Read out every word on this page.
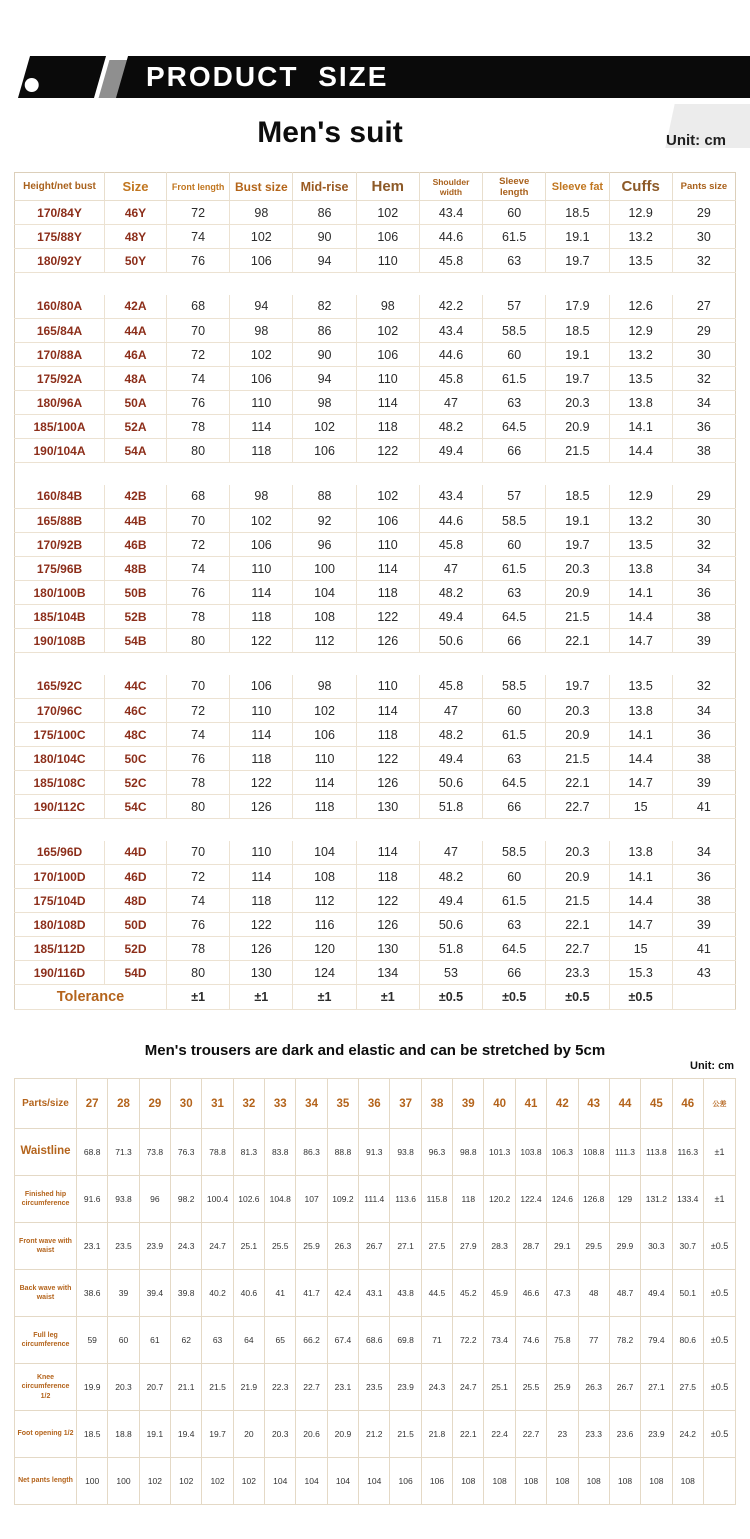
PRODUCT SIZE
Men's suit	Unit: cm
Height/net bust	Size	Front length	Bust size	Mid-rise	Hem	Shoulder width	Sleeve length	Sleeve fat	Cuffs	Pants size
170/84Y	46Y	72	98	86	102	43.4	60	18.5	12.9	29
175/88Y	48Y	74	102	90	106	44.6	61.5	19.1	13.2	30
180/92Y	50Y	76	106	94	110	45.8	63	19.7	13.5	32

160/80A	42A	68	94	82	98	42.2	57	17.9	12.6	27
165/84A	44A	70	98	86	102	43.4	58.5	18.5	12.9	29
170/88A	46A	72	102	90	106	44.6	60	19.1	13.2	30
175/92A	48A	74	106	94	110	45.8	61.5	19.7	13.5	32
180/96A	50A	76	110	98	114	47	63	20.3	13.8	34
185/100A	52A	78	114	102	118	48.2	64.5	20.9	14.1	36
190/104A	54A	80	118	106	122	49.4	66	21.5	14.4	38

160/84B	42B	68	98	88	102	43.4	57	18.5	12.9	29
165/88B	44B	70	102	92	106	44.6	58.5	19.1	13.2	30
170/92B	46B	72	106	96	110	45.8	60	19.7	13.5	32
175/96B	48B	74	110	100	114	47	61.5	20.3	13.8	34
180/100B	50B	76	114	104	118	48.2	63	20.9	14.1	36
185/104B	52B	78	118	108	122	49.4	64.5	21.5	14.4	38
190/108B	54B	80	122	112	126	50.6	66	22.1	14.7	39

165/92C	44C	70	106	98	110	45.8	58.5	19.7	13.5	32
170/96C	46C	72	110	102	114	47	60	20.3	13.8	34
175/100C	48C	74	114	106	118	48.2	61.5	20.9	14.1	36
180/104C	50C	76	118	110	122	49.4	63	21.5	14.4	38
185/108C	52C	78	122	114	126	50.6	64.5	22.1	14.7	39
190/112C	54C	80	126	118	130	51.8	66	22.7	15	41

165/96D	44D	70	110	104	114	47	58.5	20.3	13.8	34
170/100D	46D	72	114	108	118	48.2	60	20.9	14.1	36
175/104D	48D	74	118	112	122	49.4	61.5	21.5	14.4	38
180/108D	50D	76	122	116	126	50.6	63	22.1	14.7	39
185/112D	52D	78	126	120	130	51.8	64.5	22.7	15	41
190/116D	54D	80	130	124	134	53	66	23.3	15.3	43
Tolerance		±1	±1	±1	±1	±0.5	±0.5	±0.5	±0.5	
Men's trousers are dark and elastic and can be stretched by 5cm
Unit: cm
Parts/size	27	28	29	30	31	32	33	34	35	36	37	38	39	40	41	42	43	44	45	46	公差
Waistline	68.8	71.3	73.8	76.3	78.8	81.3	83.8	86.3	88.8	91.3	93.8	96.3	98.8	101.3	103.8	106.3	108.8	111.3	113.8	116.3	±1
Finished hip circumference	91.6	93.8	96	98.2	100.4	102.6	104.8	107	109.2	111.4	113.6	115.8	118	120.2	122.4	124.6	126.8	129	131.2	133.4	±1
Front wave with waist	23.1	23.5	23.9	24.3	24.7	25.1	25.5	25.9	26.3	26.7	27.1	27.5	27.9	28.3	28.7	29.1	29.5	29.9	30.3	30.7	±0.5
Back wave with waist	38.6	39	39.4	39.8	40.2	40.6	41	41.7	42.4	43.1	43.8	44.5	45.2	45.9	46.6	47.3	48	48.7	49.4	50.1	±0.5
Full leg circumference	59	60	61	62	63	64	65	66.2	67.4	68.6	69.8	71	72.2	73.4	74.6	75.8	77	78.2	79.4	80.6	±0.5
Knee circumference 1/2	19.9	20.3	20.7	21.1	21.5	21.9	22.3	22.7	23.1	23.5	23.9	24.3	24.7	25.1	25.5	25.9	26.3	26.7	27.1	27.5	±0.5
Foot opening 1/2	18.5	18.8	19.1	19.4	19.7	20	20.3	20.6	20.9	21.2	21.5	21.8	22.1	22.4	22.7	23	23.3	23.6	23.9	24.2	±0.5
Net pants length	100	100	102	102	102	102	104	104	104	104	106	106	108	108	108	108	108	108	108	108	
